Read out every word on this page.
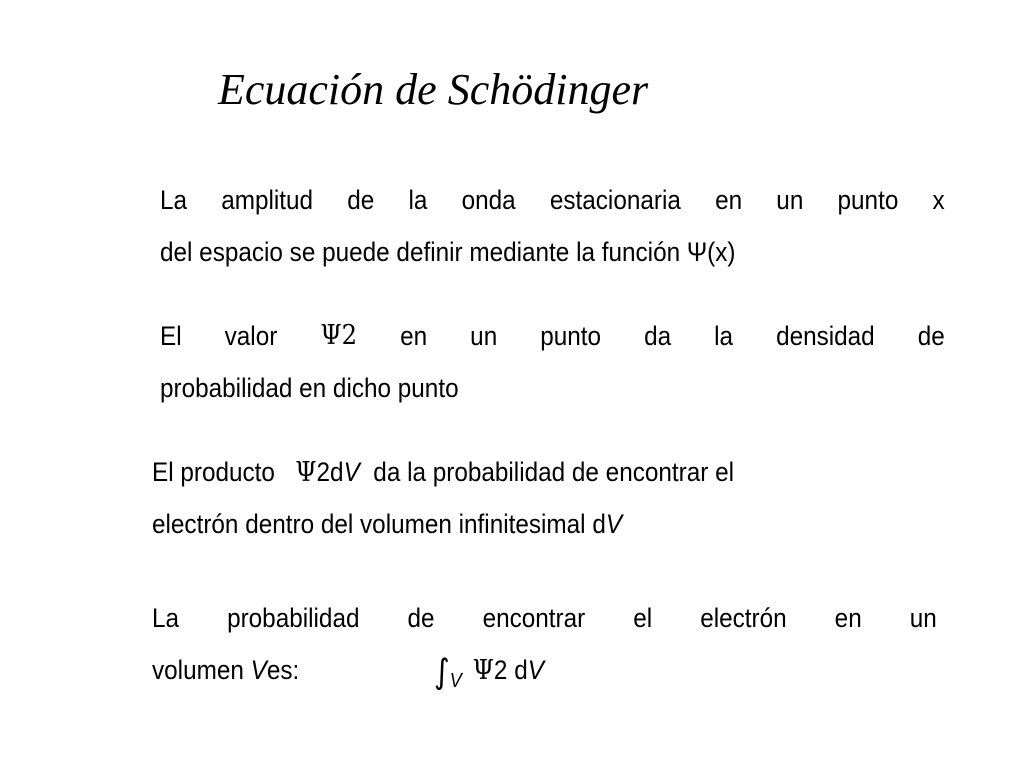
Ecuación de Schödinger
La amplitud de la onda estacionaria en un punto x
del espacio se puede definir mediante la función Ψ(x)
El valor Ψ2 en un punto da la densidad de
probabilidad en dicho punto
El producto Ψ2dV da la probabilidad de encontrar el
electrón dentro del volumen infinitesimal dV
La probabilidad de encontrar el electrón en un
volumen Ves:	$\int_V$ Ψ2 dV
